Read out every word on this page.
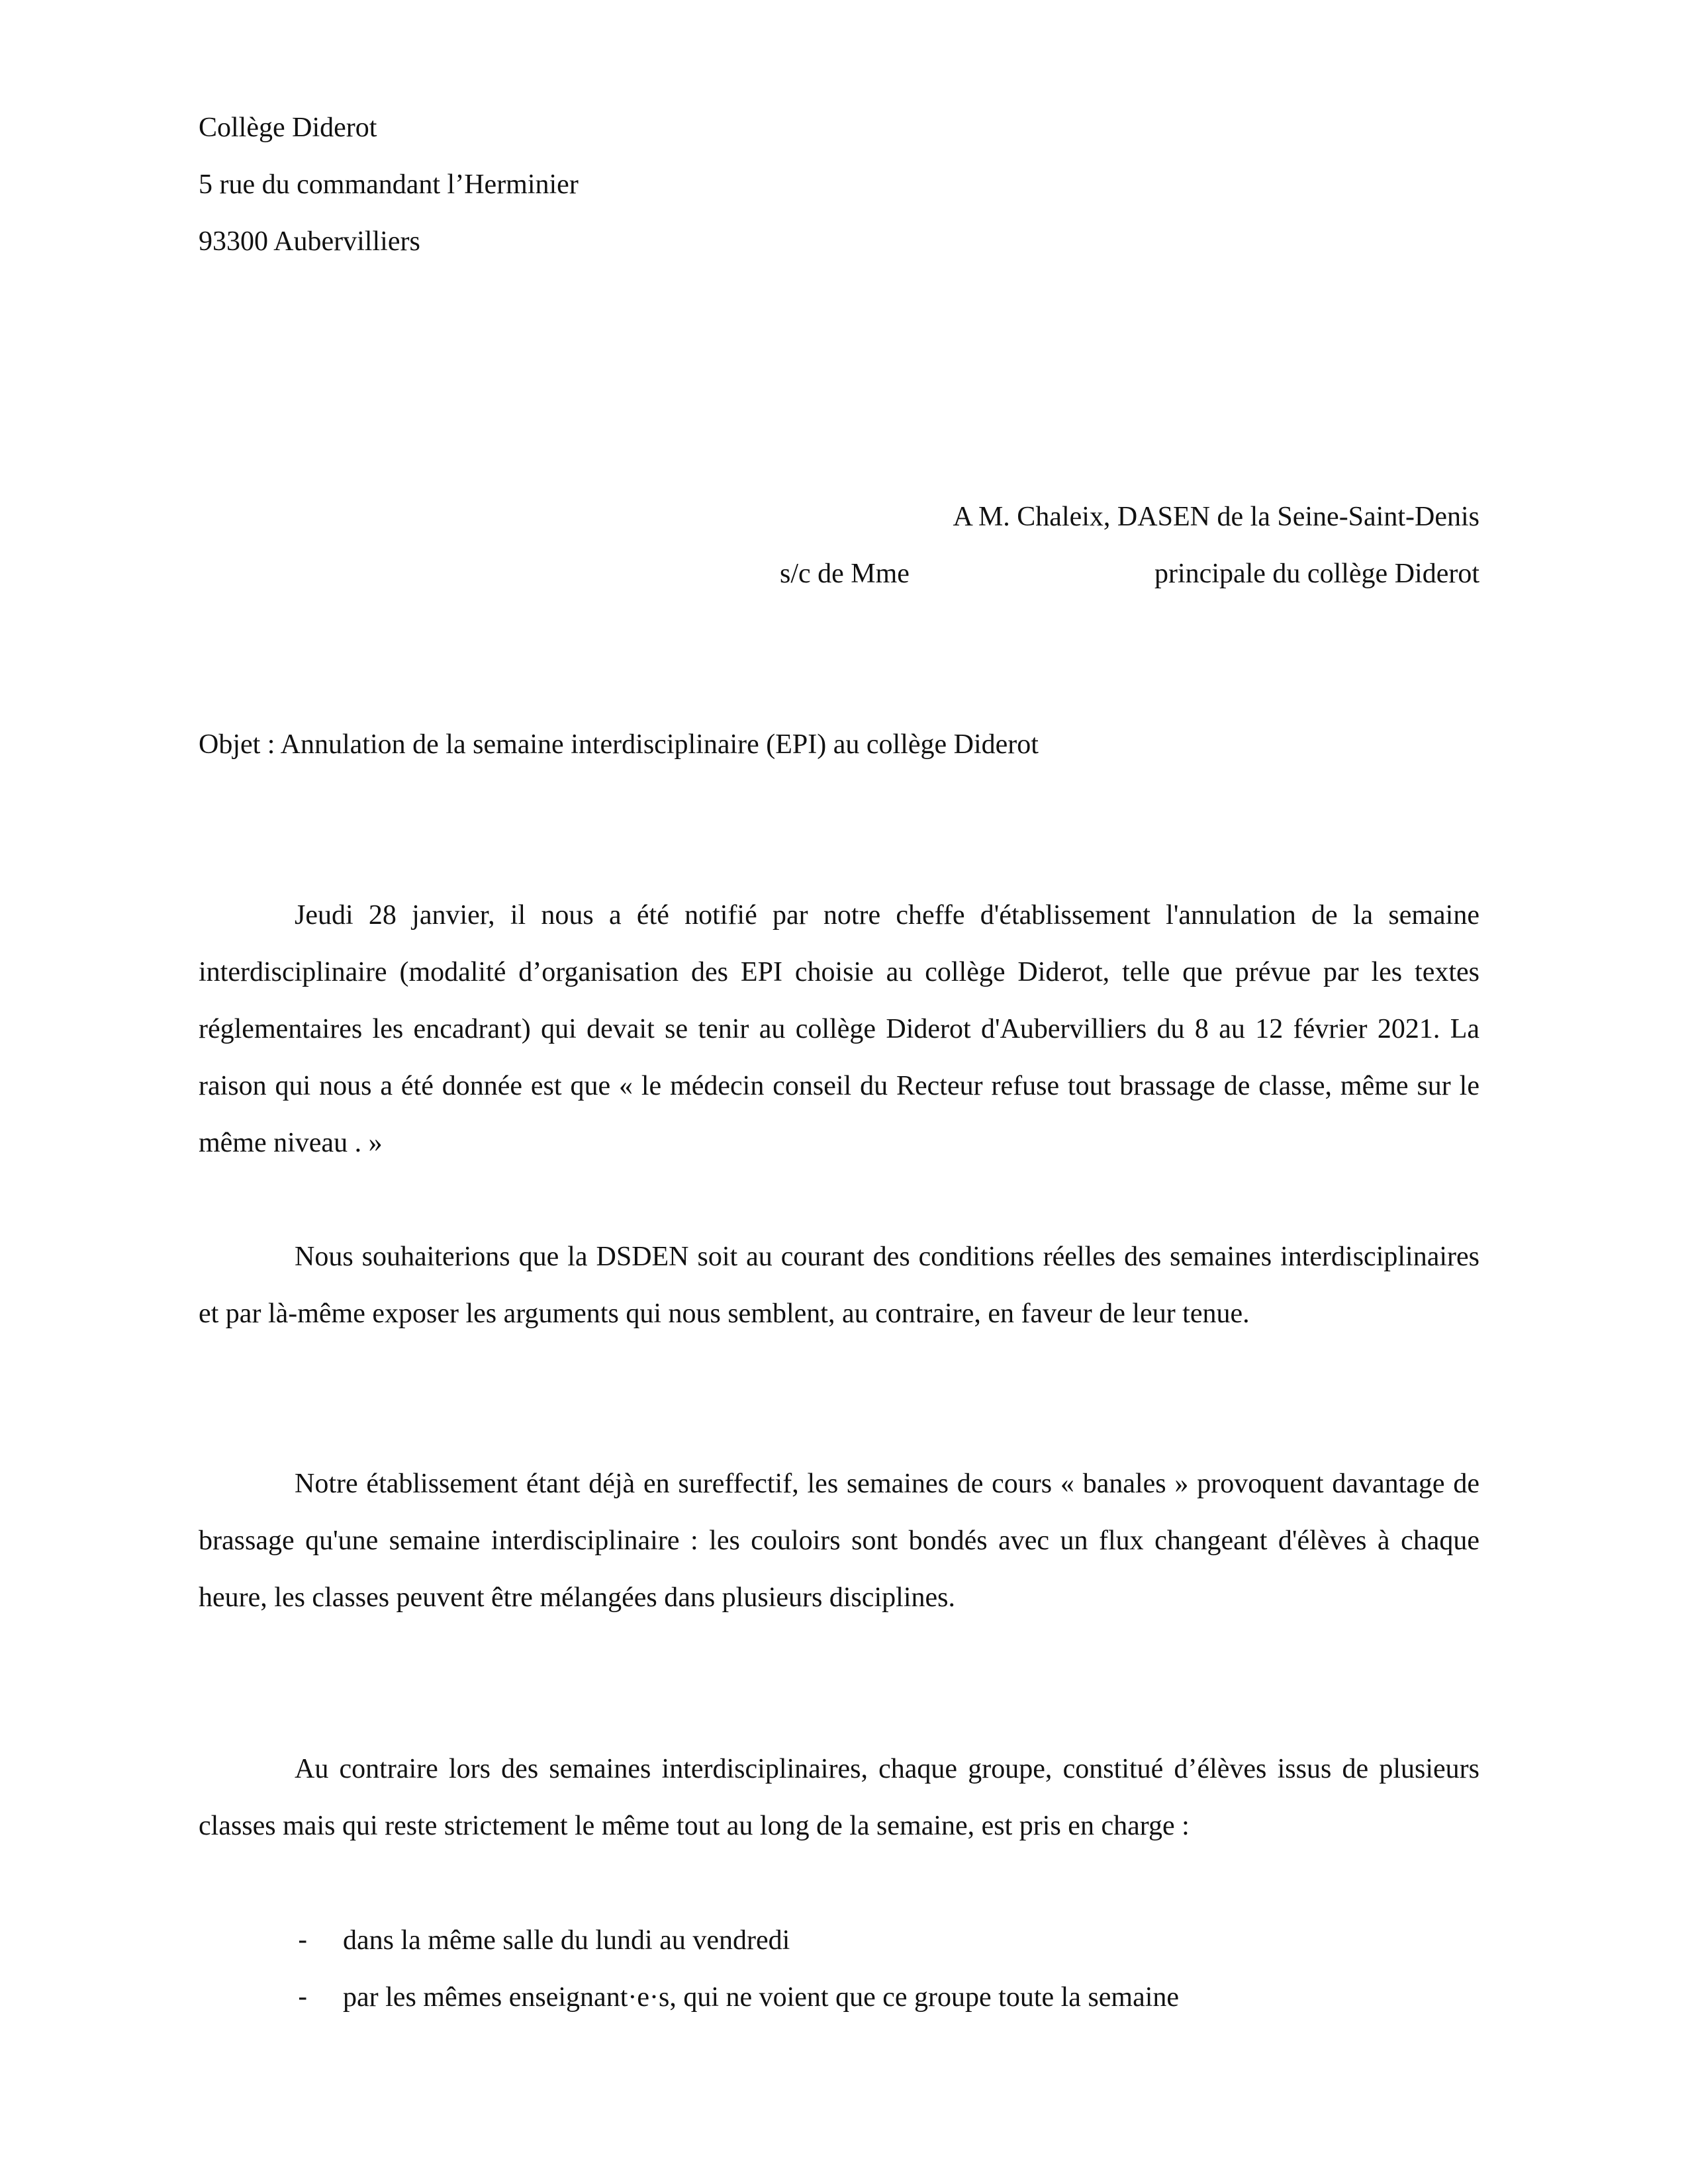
Collège Diderot
5 rue du commandant l’Herminier
93300 Aubervilliers
A M. Chaleix, DASEN de la Seine-Saint-Denis
s/c de Mme	principale du collège Diderot
Objet : Annulation de la semaine interdisciplinaire (EPI) au collège Diderot

Jeudi 28 janvier, il nous a été notifié par notre cheffe d'établissement l'annulation de la semaine interdisciplinaire (modalité d’organisation des EPI choisie au collège Diderot, telle que prévue par les textes réglementaires les encadrant) qui devait se tenir au collège Diderot d'Aubervilliers du 8 au 12 février 2021. La raison qui nous a été donnée est que « le médecin conseil du Recteur refuse tout brassage de classe, même sur le même niveau . »

Nous souhaiterions que la DSDEN soit au courant des conditions réelles des semaines interdisciplinaires et par là-même exposer les arguments qui nous semblent, au contraire, en faveur de leur tenue.

Notre établissement étant déjà en sureffectif, les semaines de cours « banales » provoquent davantage de brassage qu'une semaine interdisciplinaire : les couloirs sont bondés avec un flux changeant d'élèves à chaque heure, les classes peuvent être mélangées dans plusieurs disciplines.

Au contraire lors des semaines interdisciplinaires, chaque groupe, constitué d’élèves issus de plusieurs classes mais qui reste strictement le même tout au long de la semaine, est pris en charge :

- dans la même salle du lundi au vendredi
- par les mêmes enseignant·e·s, qui ne voient que ce groupe toute la semaine
